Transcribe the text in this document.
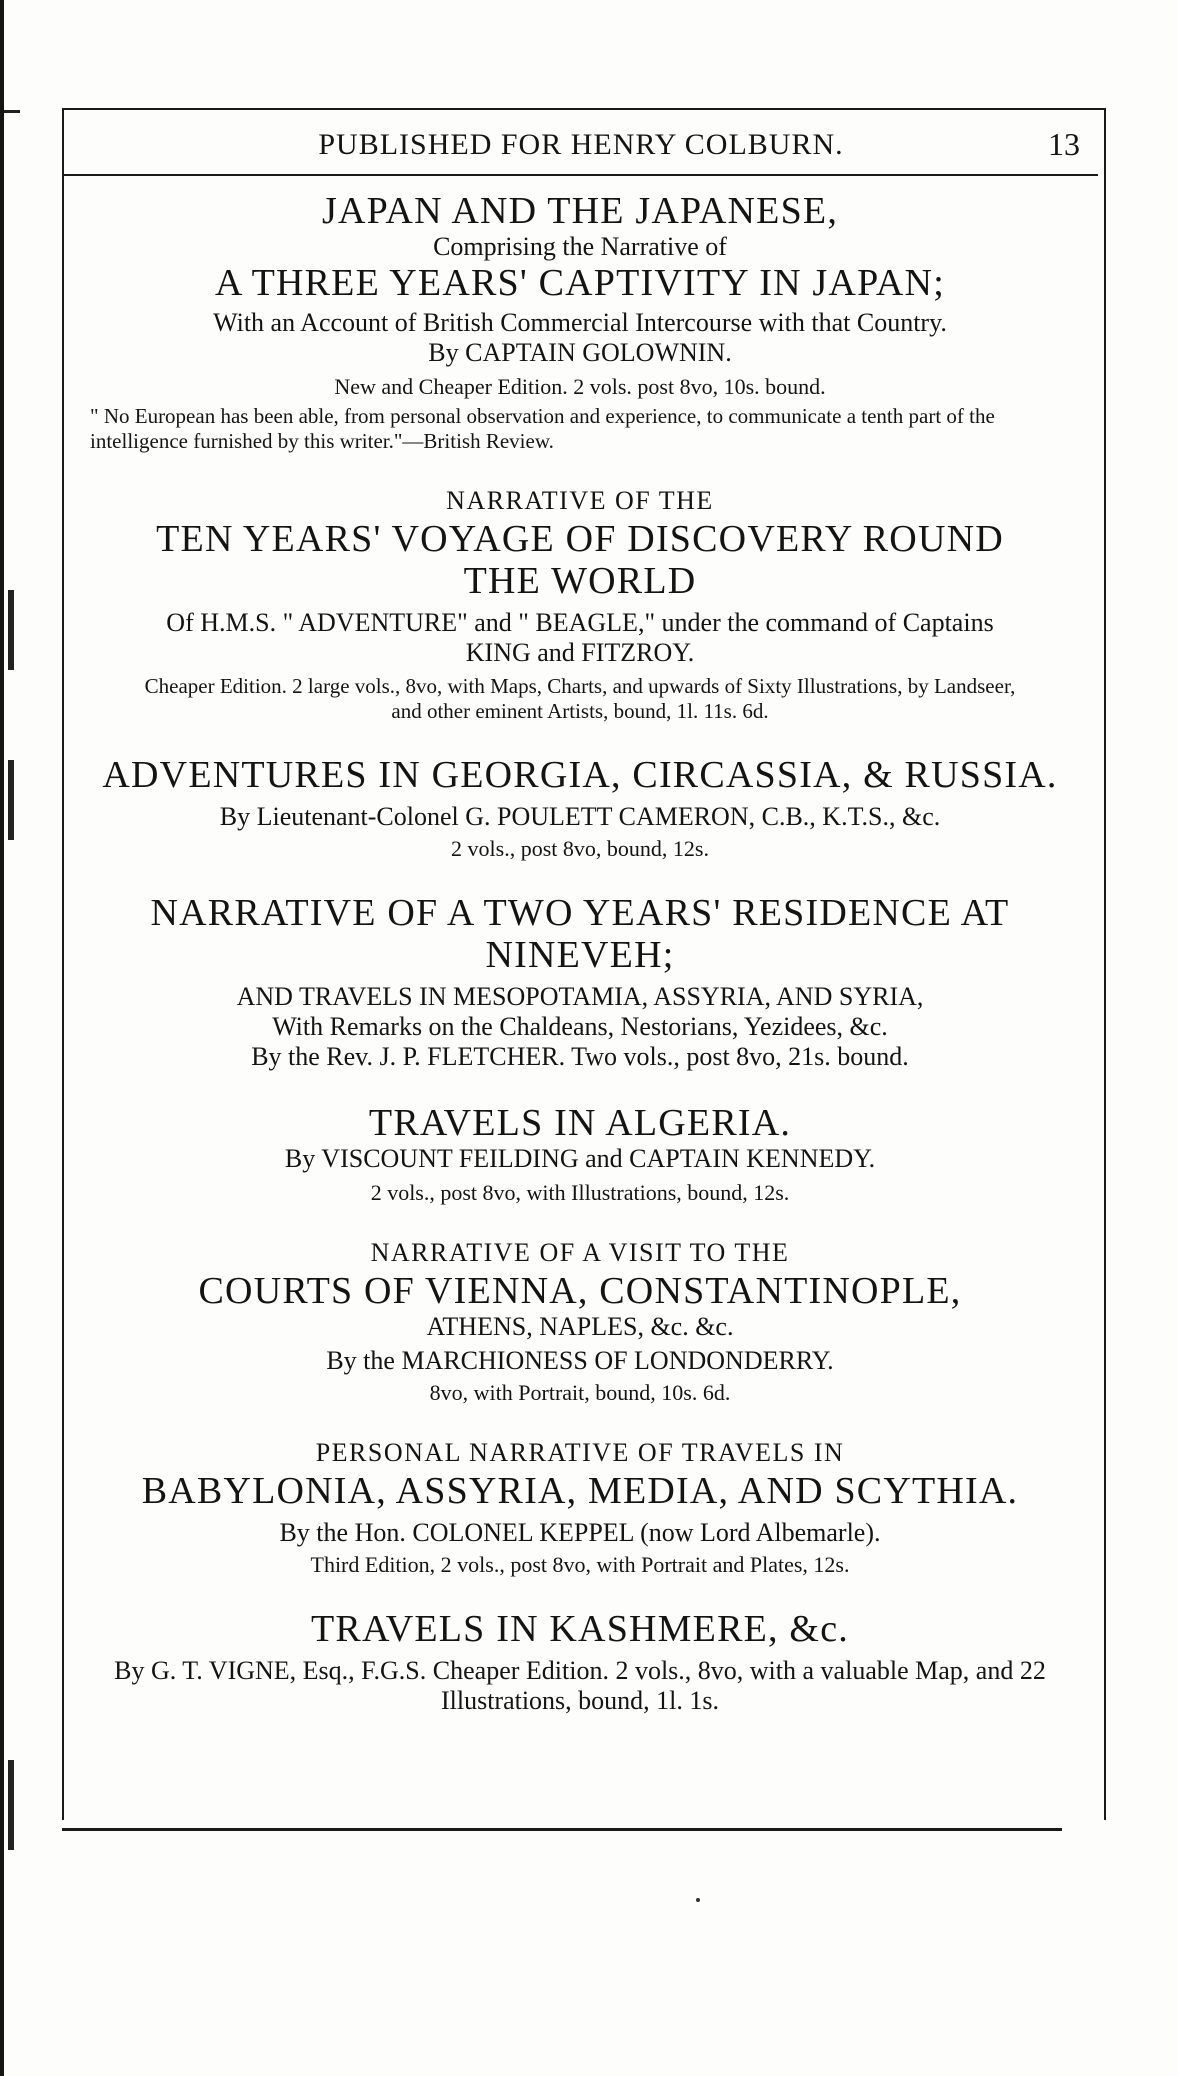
PUBLISHED FOR HENRY COLBURN.	13
JAPAN AND THE JAPANESE,
Comprising the Narrative of
A THREE YEARS' CAPTIVITY IN JAPAN;
With an Account of British Commercial Intercourse with that Country.
By CAPTAIN GOLOWNIN.
New and Cheaper Edition. 2 vols. post 8vo, 10s. bound.
" No European has been able, from personal observation and experience, to communicate a tenth part of the intelligence furnished by this writer."—British Review.
NARRATIVE OF THE
TEN YEARS' VOYAGE OF DISCOVERY ROUND THE WORLD
Of H.M.S. " ADVENTURE" and " BEAGLE," under the command of Captains KING and FITZROY.
Cheaper Edition. 2 large vols., 8vo, with Maps, Charts, and upwards of Sixty Illustrations, by Landseer, and other eminent Artists, bound, 1l. 11s. 6d.
ADVENTURES IN GEORGIA, CIRCASSIA, & RUSSIA.
By Lieutenant-Colonel G. POULETT CAMERON, C.B., K.T.S., &c.
2 vols., post 8vo, bound, 12s.
NARRATIVE OF A TWO YEARS' RESIDENCE AT NINEVEH;
AND TRAVELS IN MESOPOTAMIA, ASSYRIA, AND SYRIA,
With Remarks on the Chaldeans, Nestorians, Yezidees, &c.
By the Rev. J. P. FLETCHER. Two vols., post 8vo, 21s. bound.
TRAVELS IN ALGERIA.
By VISCOUNT FEILDING and CAPTAIN KENNEDY.
2 vols., post 8vo, with Illustrations, bound, 12s.
NARRATIVE OF A VISIT TO THE
COURTS OF VIENNA, CONSTANTINOPLE,
ATHENS, NAPLES, &c. &c.
By the MARCHIONESS OF LONDONDERRY.
8vo, with Portrait, bound, 10s. 6d.
PERSONAL NARRATIVE OF TRAVELS IN
BABYLONIA, ASSYRIA, MEDIA, AND SCYTHIA.
By the Hon. COLONEL KEPPEL (now Lord Albemarle).
Third Edition, 2 vols., post 8vo, with Portrait and Plates, 12s.
TRAVELS IN KASHMERE, &c.
By G. T. VIGNE, Esq., F.G.S. Cheaper Edition. 2 vols., 8vo, with a valuable Map, and 22 Illustrations, bound, 1l. 1s.
